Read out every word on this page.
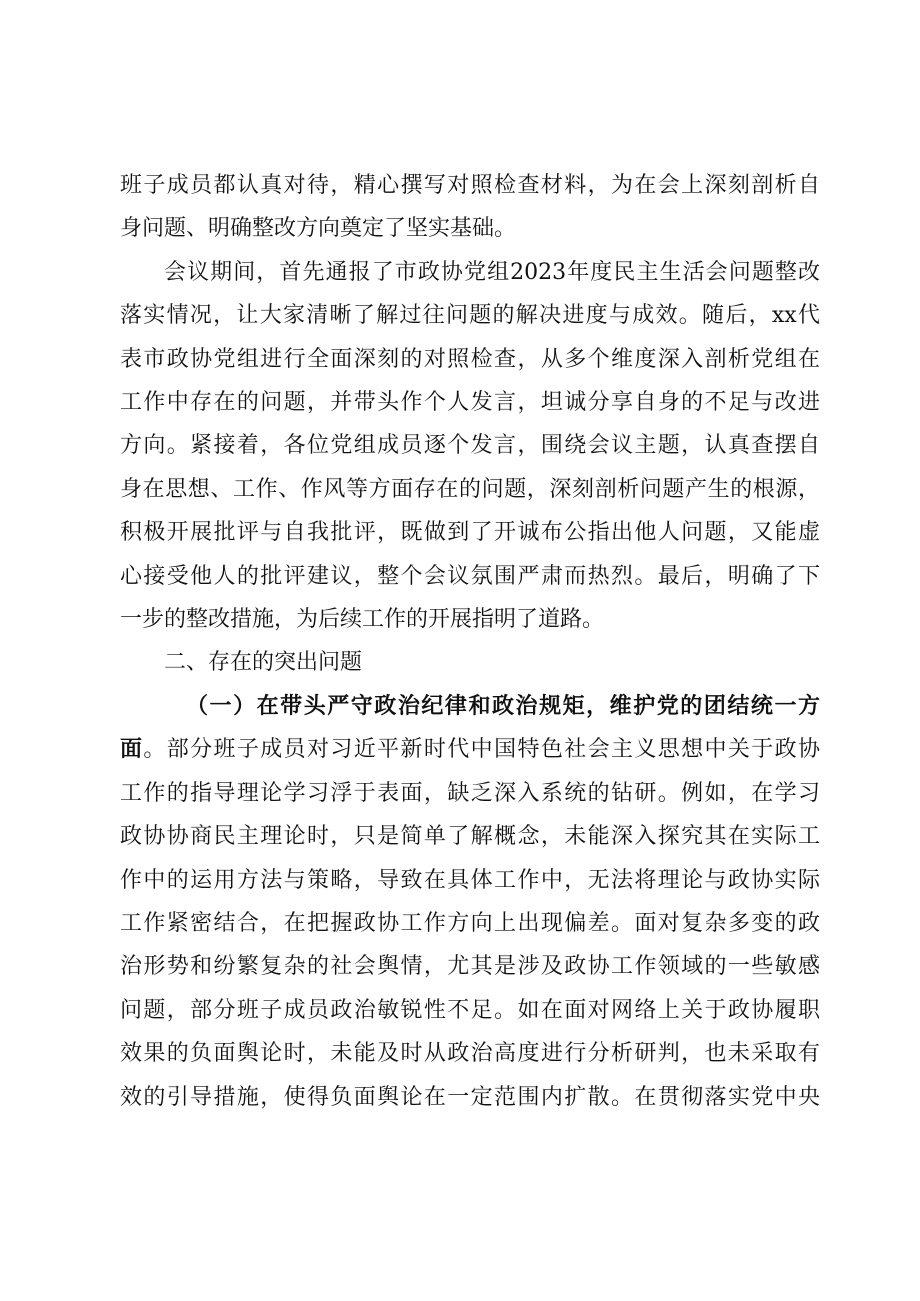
班子成员都认真对待，精心撰写对照检查材料，为在会上深刻剖析自
身问题、明确整改方向奠定了坚实基础。

会议期间，首先通报了市政协党组2023年度民主生活会问题整改
落实情况，让大家清晰了解过往问题的解决进度与成效。随后，xx代
表市政协党组进行全面深刻的对照检查，从多个维度深入剖析党组在
工作中存在的问题，并带头作个人发言，坦诚分享自身的不足与改进
方向。紧接着，各位党组成员逐个发言，围绕会议主题，认真查摆自
身在思想、工作、作风等方面存在的问题，深刻剖析问题产生的根源，
积极开展批评与自我批评，既做到了开诚布公指出他人问题，又能虚
心接受他人的批评建议，整个会议氛围严肃而热烈。最后，明确了下
一步的整改措施，为后续工作的开展指明了道路。

二、存在的突出问题

（一）在带头严守政治纪律和政治规矩，维护党的团结统一方
面。部分班子成员对习近平新时代中国特色社会主义思想中关于政协
工作的指导理论学习浮于表面，缺乏深入系统的钻研。例如，在学习
政协协商民主理论时，只是简单了解概念，未能深入探究其在实际工
作中的运用方法与策略，导致在具体工作中，无法将理论与政协实际
工作紧密结合，在把握政协工作方向上出现偏差。面对复杂多变的政
治形势和纷繁复杂的社会舆情，尤其是涉及政协工作领域的一些敏感
问题，部分班子成员政治敏锐性不足。如在面对网络上关于政协履职
效果的负面舆论时，未能及时从政治高度进行分析研判，也未采取有
效的引导措施，使得负面舆论在一定范围内扩散。在贯彻落实党中央
